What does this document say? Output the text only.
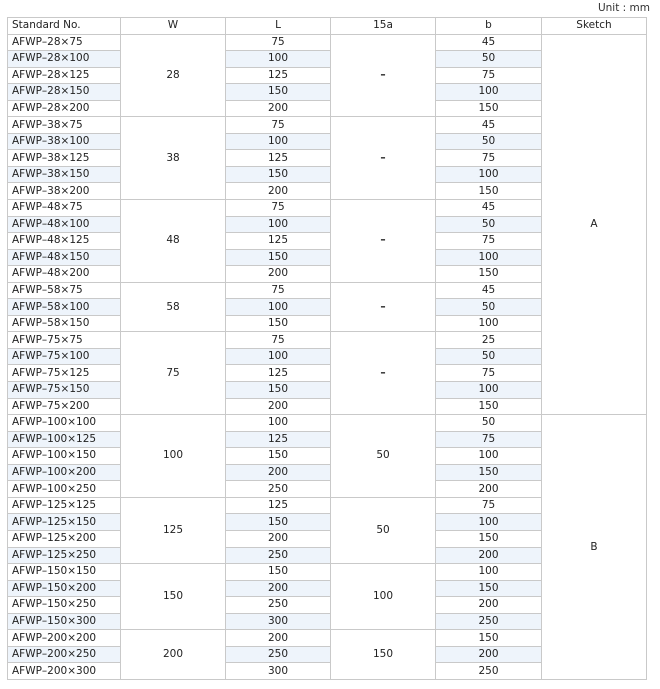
Unit : mm
Standard No.	W	L	15a	b	Sketch
AFWP–28×75	28	75	–	45	A
AFWP–28×100		100		50	
AFWP–28×125		125		75	
AFWP–28×150		150		100	
AFWP–28×200		200		150	
AFWP–38×75	38	75	–	45	
AFWP–38×100		100		50	
AFWP–38×125		125		75	
AFWP–38×150		150		100	
AFWP–38×200		200		150	
AFWP–48×75	48	75	–	45	
AFWP–48×100		100		50	
AFWP–48×125		125		75	
AFWP–48×150		150		100	
AFWP–48×200		200		150	
AFWP–58×75	58	75	–	45	
AFWP–58×100		100		50	
AFWP–58×150		150		100	
AFWP–75×75	75	75	–	25	
AFWP–75×100		100		50	
AFWP–75×125		125		75	
AFWP–75×150		150		100	
AFWP–75×200		200		150	
AFWP–100×100	100	100	50	50	B
AFWP–100×125		125		75	
AFWP–100×150		150		100	
AFWP–100×200		200		150	
AFWP–100×250		250		200	
AFWP–125×125	125	125	50	75	
AFWP–125×150		150		100	
AFWP–125×200		200		150	
AFWP–125×250		250		200	
AFWP–150×150	150	150	100	100	
AFWP–150×200		200		150	
AFWP–150×250		250		200	
AFWP–150×300		300		250	
AFWP–200×200	200	200	150	150	
AFWP–200×250		250		200	
AFWP–200×300		300		250	
